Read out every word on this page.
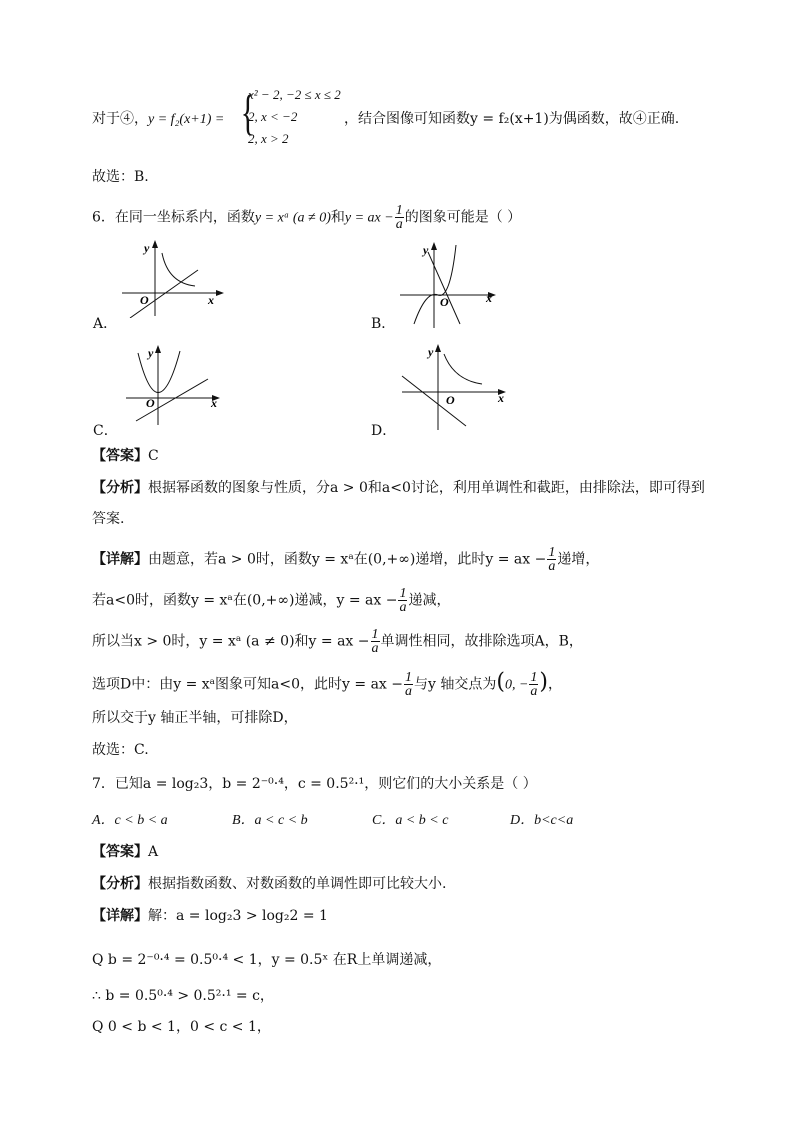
对于④，y = f₂(x+1) = {
x² − 2, −2 ≤ x ≤ 2
2, x < −2
2, x > 2
，结合图像可知函数y = f₂(x+1)为偶函数，故④正确.
故选：B.
6．在同一坐标系内，函数y = xᵃ (a ≠ 0)和y = ax − $\frac{1}{a}$ 的图象可能是（ ）
y
O	x
A．
y
O	x
B．
y
O	x
C．
y
O	x
D．
【答案】C
【分析】根据幂函数的图象与性质，分a > 0和a<0讨论，利用单调性和截距，由排除法，即可得到
答案.
【详解】由题意，若a > 0时，函数y = xᵃ在(0,+∞)递增，此时y = ax − $\frac{1}{a}$ 递增，
若a<0时，函数y = xᵃ在(0,+∞)递减，y = ax − $\frac{1}{a}$ 递减，
所以当x > 0时，y = xᵃ (a ≠ 0)和y = ax − $\frac{1}{a}$ 单调性相同，故排除选项A，B，
选项D中：由y = xᵃ图象可知a<0，此时y = ax − $\frac{1}{a}$ 与y 轴交点为(0, − $\frac{1}{a}$ )，
所以交于y 轴正半轴，可排除D，
故选：C.
7．已知a = log₂3，b = 2⁻⁰·⁴，c = 0.5²·¹，则它们的大小关系是（ ）
A．c < b < a	B．a < c < b	C．a < b < c	D．b<c<a
【答案】A
【分析】根据指数函数、对数函数的单调性即可比较大小.
【详解】解：a = log₂3 > log₂2 = 1
Q b = 2⁻⁰·⁴ = 0.5⁰·⁴ < 1，y = 0.5ˣ 在R上单调递减，
∴ b = 0.5⁰·⁴ > 0.5²·¹ = c，
Q 0 < b < 1，0 < c < 1，
